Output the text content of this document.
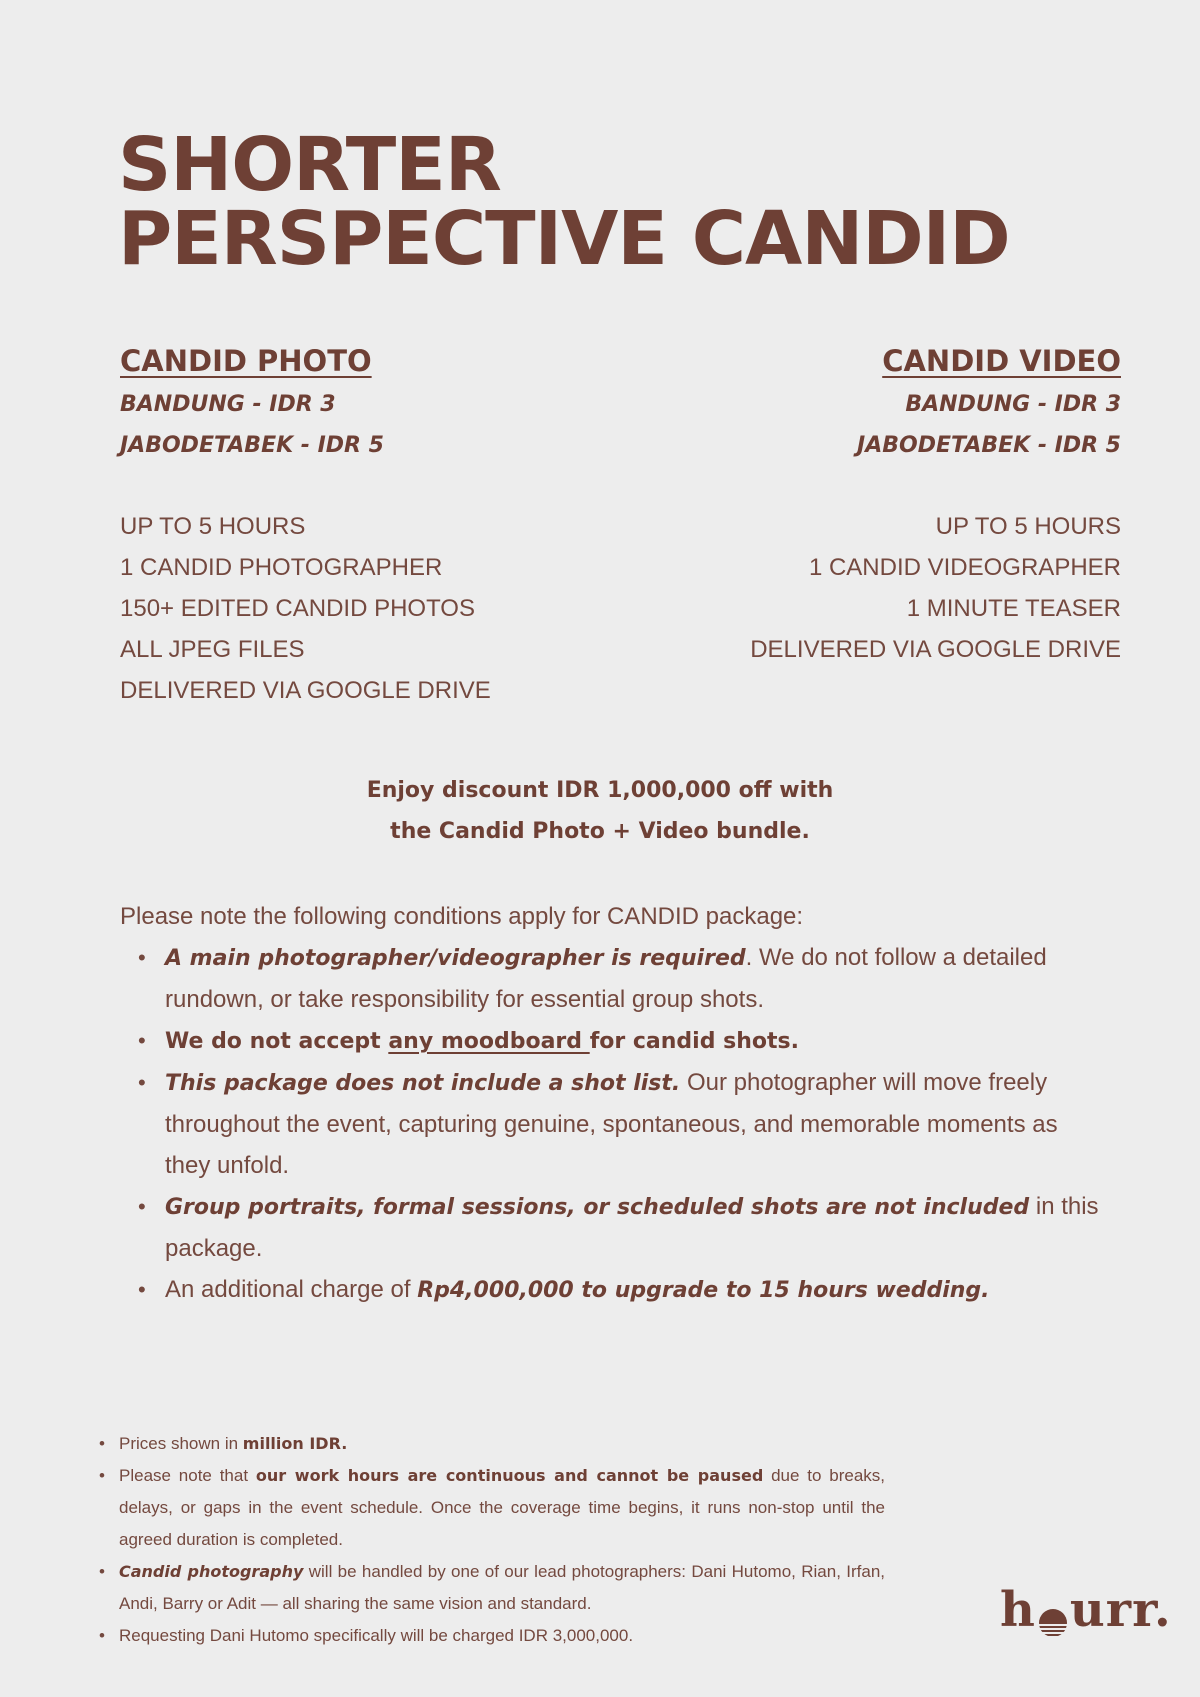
SHORTER
PERSPECTIVE CANDID

CANDID PHOTO

BANDUNG - IDR 3

JABODETABEK - IDR 5

UP TO 5 HOURS
1 CANDID PHOTOGRAPHER
150+ EDITED CANDID PHOTOS
ALL JPEG FILES
DELIVERED VIA GOOGLE DRIVE

CANDID VIDEO

BANDUNG - IDR 3

JABODETABEK - IDR 5

UP TO 5 HOURS
1 CANDID VIDEOGRAPHER
1 MINUTE TEASER
DELIVERED VIA GOOGLE DRIVE

Enjoy discount IDR 1,000,000 off with

the Candid Photo + Video bundle.

Please note the following conditions apply for CANDID package:

• A main photographer/videographer is required. We do not follow a detailed rundown, or take responsibility for essential group shots.
• We do not accept any moodboard for candid shots.
• This package does not include a shot list. Our photographer will move freely throughout the event, capturing genuine, spontaneous, and memorable moments as they unfold.
• Group portraits, formal sessions, or scheduled shots are not included in this package.
• An additional charge of Rp4,000,000 to upgrade to 15 hours wedding.
• Prices shown in million IDR.
• Please note that our work hours are continuous and cannot be paused due to breaks, delays, or gaps in the event schedule. Once the coverage time begins, it runs non-stop until the agreed duration is completed.
• Candid photography will be handled by one of our lead photographers: Dani Hutomo, Rian, Irfan, Andi, Barry or Adit — all sharing the same vision and standard.
• Requesting Dani Hutomo specifically will be charged IDR 3,000,000.	h urr.
